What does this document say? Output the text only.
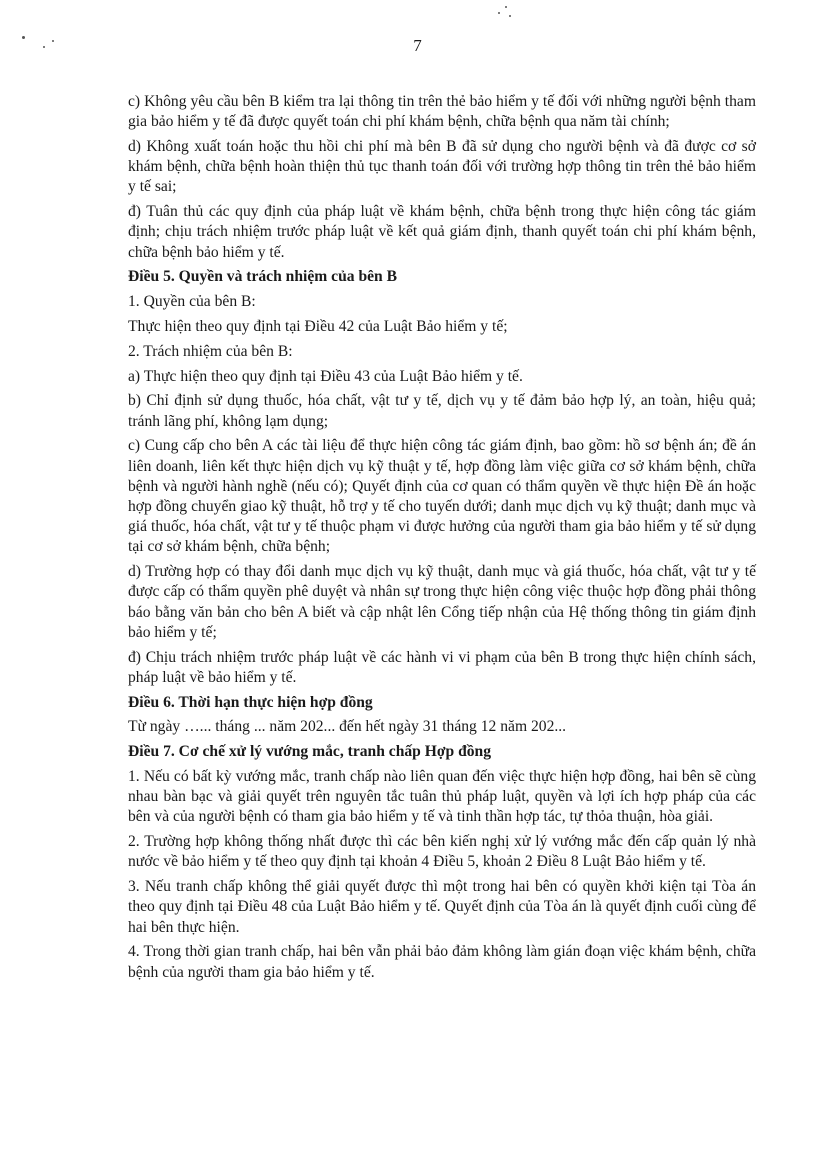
7

c) Không yêu cầu bên B kiểm tra lại thông tin trên thẻ bảo hiểm y tế đối với những người bệnh tham gia bảo hiểm y tế đã được quyết toán chi phí khám bệnh, chữa bệnh qua năm tài chính;

d) Không xuất toán hoặc thu hồi chi phí mà bên B đã sử dụng cho người bệnh và đã được cơ sở khám bệnh, chữa bệnh hoàn thiện thủ tục thanh toán đối với trường hợp thông tin trên thẻ bảo hiểm y tế sai;

đ) Tuân thủ các quy định của pháp luật về khám bệnh, chữa bệnh trong thực hiện công tác giám định; chịu trách nhiệm trước pháp luật về kết quả giám định, thanh quyết toán chi phí khám bệnh, chữa bệnh bảo hiểm y tế.

Điều 5. Quyền và trách nhiệm của bên B

1. Quyền của bên B:

Thực hiện theo quy định tại Điều 42 của Luật Bảo hiểm y tế;

2. Trách nhiệm của bên B:

a) Thực hiện theo quy định tại Điều 43 của Luật Bảo hiểm y tế.

b) Chỉ định sử dụng thuốc, hóa chất, vật tư y tế, dịch vụ y tế đảm bảo hợp lý, an toàn, hiệu quả; tránh lãng phí, không lạm dụng;

c) Cung cấp cho bên A các tài liệu để thực hiện công tác giám định, bao gồm: hồ sơ bệnh án; đề án liên doanh, liên kết thực hiện dịch vụ kỹ thuật y tế, hợp đồng làm việc giữa cơ sở khám bệnh, chữa bệnh và người hành nghề (nếu có); Quyết định của cơ quan có thẩm quyền về thực hiện Đề án hoặc hợp đồng chuyển giao kỹ thuật, hỗ trợ y tế cho tuyến dưới; danh mục dịch vụ kỹ thuật; danh mục và giá thuốc, hóa chất, vật tư y tế thuộc phạm vi được hưởng của người tham gia bảo hiểm y tế sử dụng tại cơ sở khám bệnh, chữa bệnh;

d) Trường hợp có thay đổi danh mục dịch vụ kỹ thuật, danh mục và giá thuốc, hóa chất, vật tư y tế được cấp có thẩm quyền phê duyệt và nhân sự trong thực hiện công việc thuộc hợp đồng phải thông báo bằng văn bản cho bên A biết và cập nhật lên Cổng tiếp nhận của Hệ thống thông tin giám định bảo hiểm y tế;

đ) Chịu trách nhiệm trước pháp luật về các hành vi vi phạm của bên B trong thực hiện chính sách, pháp luật về bảo hiểm y tế.

Điều 6. Thời hạn thực hiện hợp đồng

Từ ngày …... tháng ... năm 202... đến hết ngày 31 tháng 12 năm 202...

Điều 7. Cơ chế xử lý vướng mắc, tranh chấp Hợp đồng

1. Nếu có bất kỳ vướng mắc, tranh chấp nào liên quan đến việc thực hiện hợp đồng, hai bên sẽ cùng nhau bàn bạc và giải quyết trên nguyên tắc tuân thủ pháp luật, quyền và lợi ích hợp pháp của các bên và của người bệnh có tham gia bảo hiểm y tế và tinh thần hợp tác, tự thỏa thuận, hòa giải.

2. Trường hợp không thống nhất được thì các bên kiến nghị xử lý vướng mắc đến cấp quản lý nhà nước về bảo hiểm y tế theo quy định tại khoản 4 Điều 5, khoản 2 Điều 8 Luật Bảo hiểm y tế.

3. Nếu tranh chấp không thể giải quyết được thì một trong hai bên có quyền khởi kiện tại Tòa án theo quy định tại Điều 48 của Luật Bảo hiểm y tế. Quyết định của Tòa án là quyết định cuối cùng để hai bên thực hiện.

4. Trong thời gian tranh chấp, hai bên vẫn phải bảo đảm không làm gián đoạn việc khám bệnh, chữa bệnh của người tham gia bảo hiểm y tế.
